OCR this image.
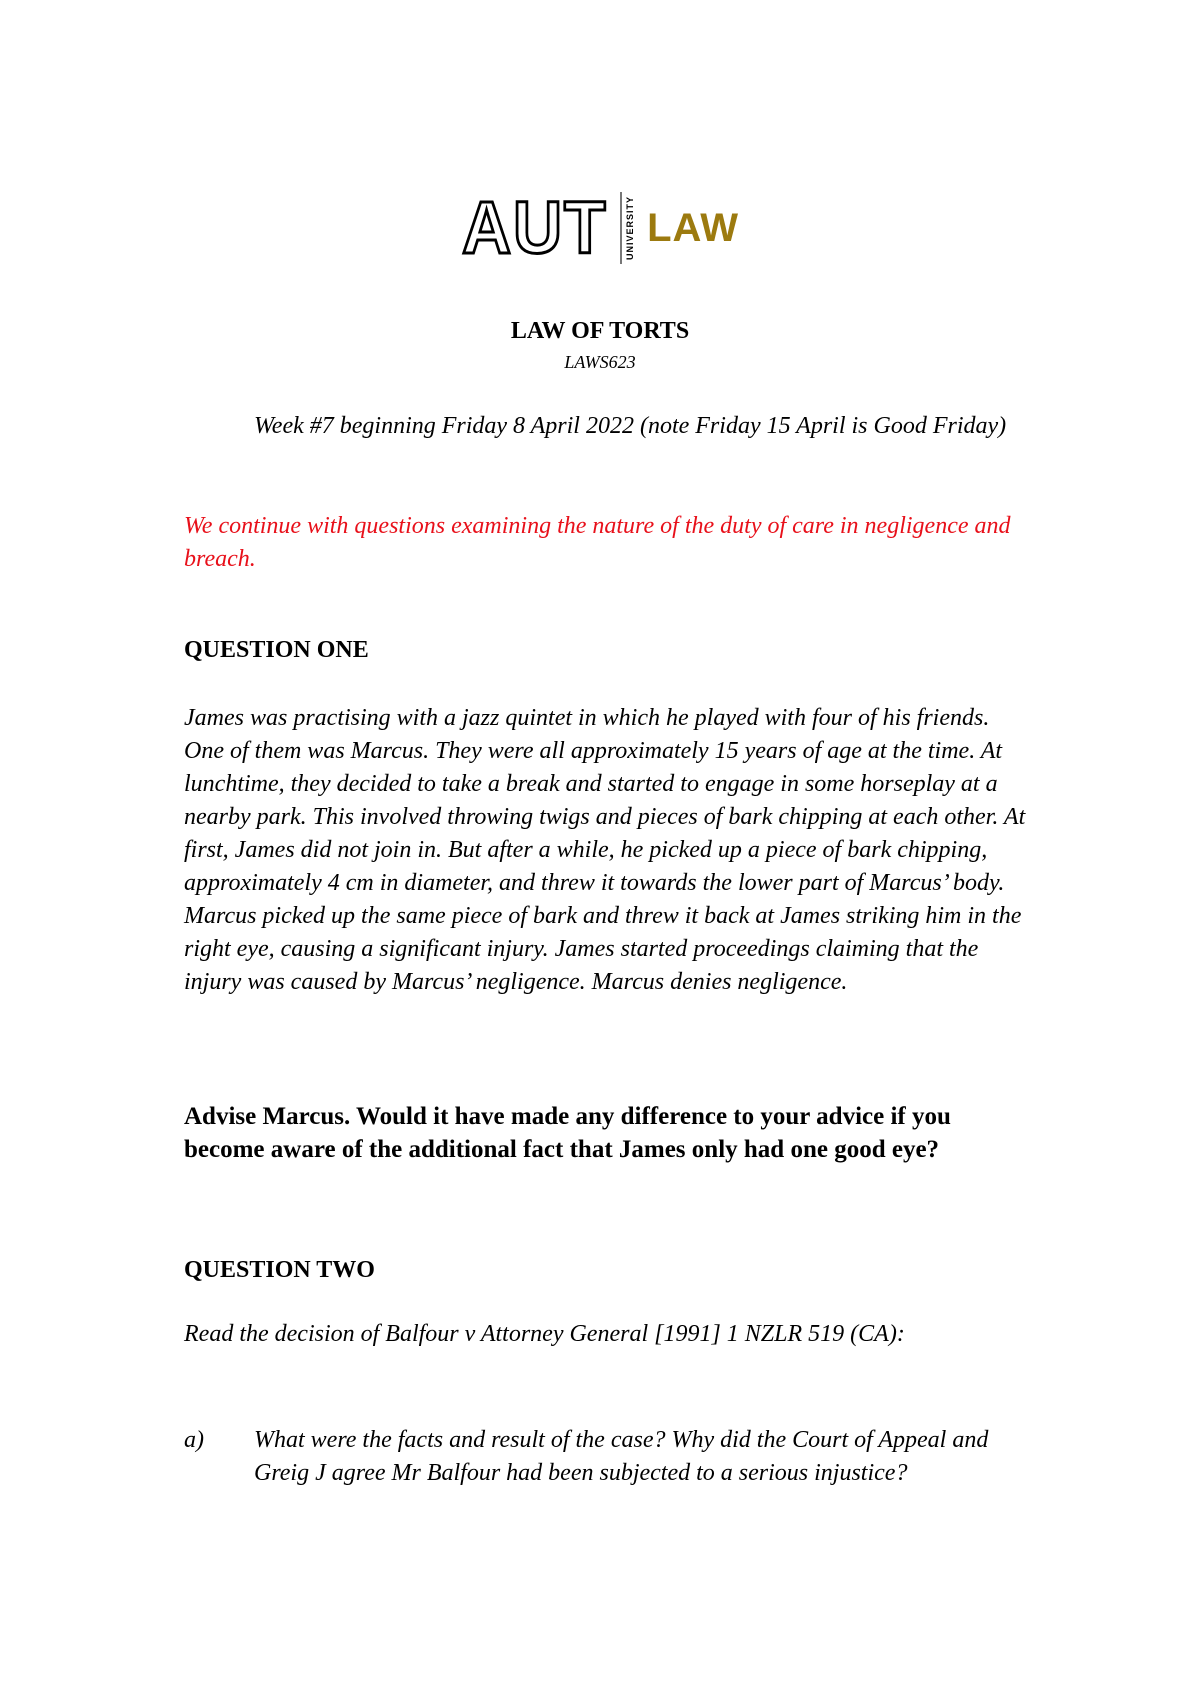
AUT UNIVERSITY LAW
LAW OF TORTS
LAWS623
Week #7 beginning Friday 8 April 2022 (note Friday 15 April is Good Friday)
We continue with questions examining the nature of the duty of care in negligence and breach.
QUESTION ONE
James was practising with a jazz quintet in which he played with four of his friends. One of them was Marcus. They were all approximately 15 years of age at the time. At lunchtime, they decided to take a break and started to engage in some horseplay at a nearby park. This involved throwing twigs and pieces of bark chipping at each other. At first, James did not join in. But after a while, he picked up a piece of bark chipping, approximately 4 cm in diameter, and threw it towards the lower part of Marcus’ body. Marcus picked up the same piece of bark and threw it back at James striking him in the right eye, causing a significant injury. James started proceedings claiming that the injury was caused by Marcus’ negligence. Marcus denies negligence.
Advise Marcus. Would it have made any difference to your advice if you become aware of the additional fact that James only had one good eye?
QUESTION TWO
Read the decision of Balfour v Attorney General [1991] 1 NZLR 519 (CA):
a) What were the facts and result of the case? Why did the Court of Appeal and Greig J agree Mr Balfour had been subjected to a serious injustice?
